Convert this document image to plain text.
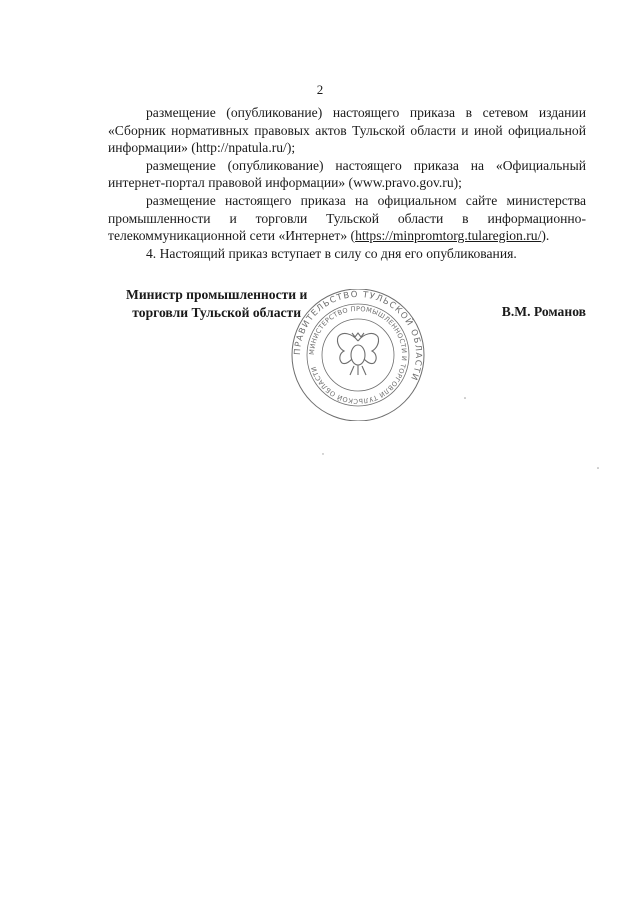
2

размещение (опубликование) настоящего приказа в сетевом издании «Сборник нормативных правовых актов Тульской области и иной официальной информации» (http://npatula.ru/);

размещение (опубликование) настоящего приказа на «Официальный интернет-портал правовой информации» (www.pravo.gov.ru);

размещение настоящего приказа на официальном сайте министерства промышленности и торговли Тульской области в информационно-телекоммуникационной сети «Интернет» (https://minpromtorg.tularegion.ru/).

4. Настоящий приказ вступает в силу со дня его опубликования.

Министр промышленности и
торговли Тульской области	В.М. Романов
ПРАВИТЕЛЬСТВО ТУЛЬСКОЙ ОБЛАСТИ
МИНИСТЕРСТВО ПРОМЫШЛЕННОСТИ И ТОРГОВЛИ ТУЛЬСКОЙ ОБЛАСТИ
